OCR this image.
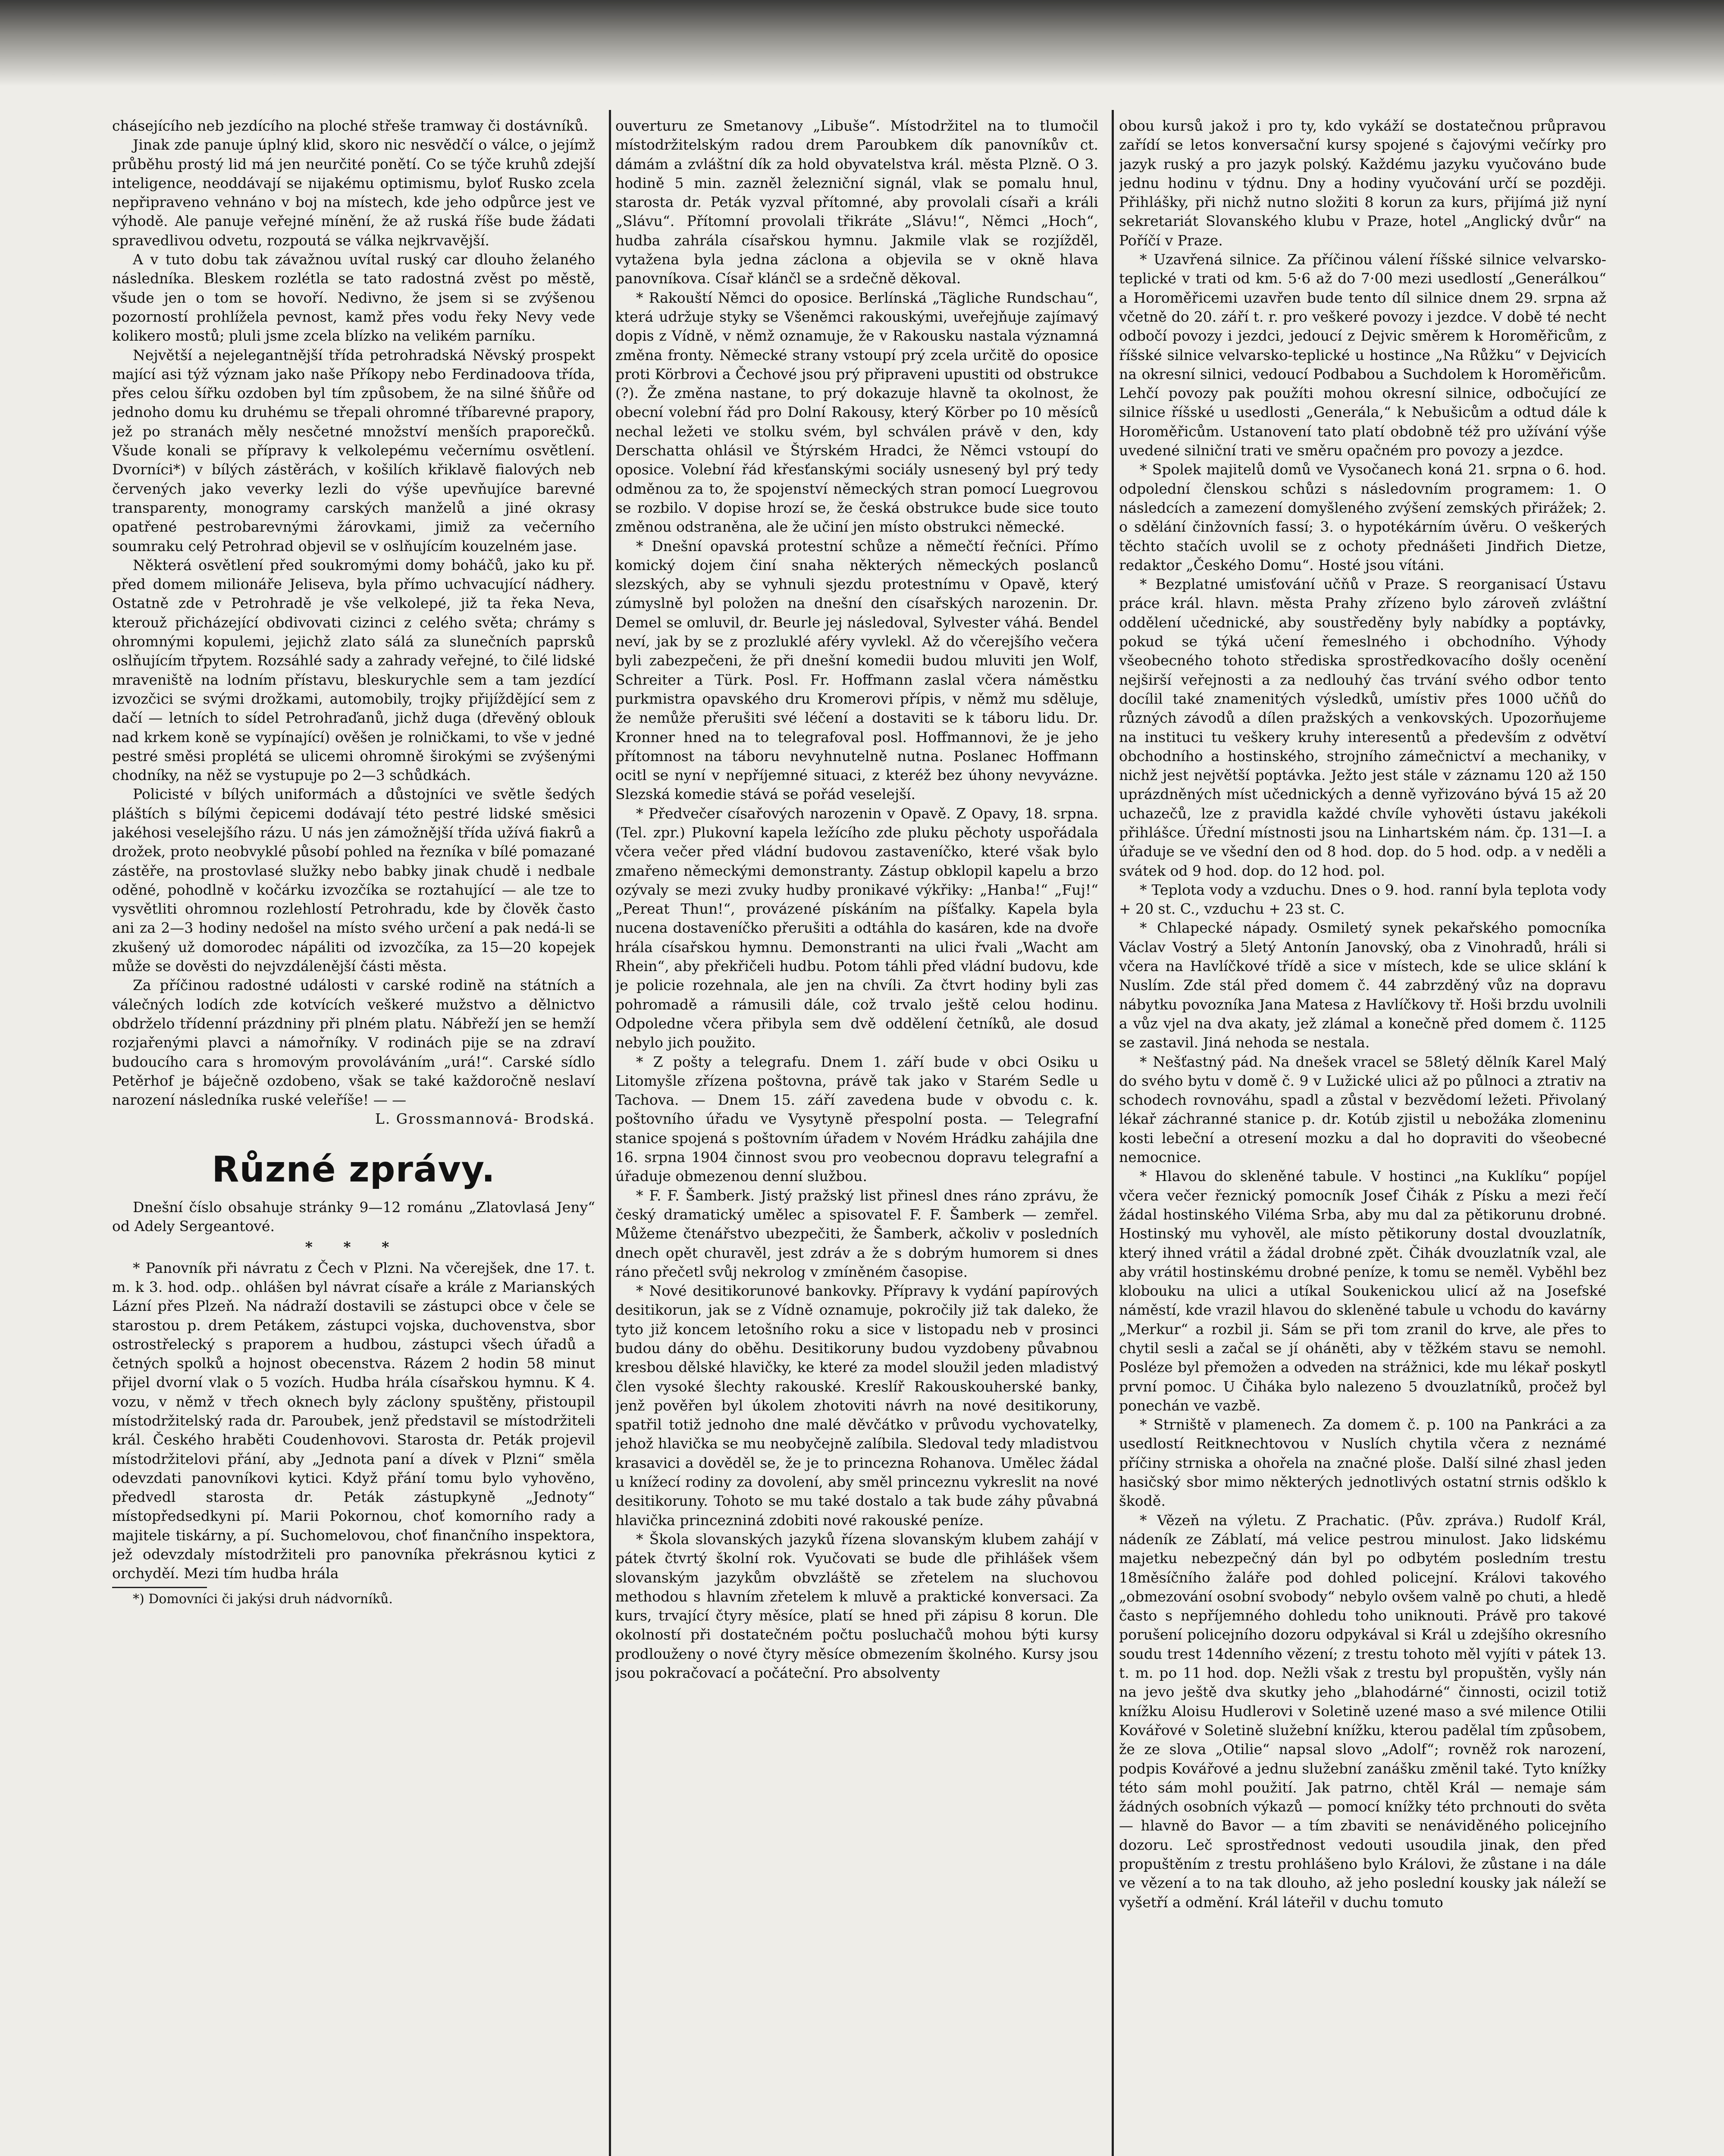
chásejícího neb jezdícího na ploché střeše tramway či dostávníků.

Jinak zde panuje úplný klid, skoro nic nesvědčí o válce, o jejímž průběhu prostý lid má jen neurčité ponětí. Co se týče kruhů zdejší inteligence, neoddávají se nijakému optimismu, byloť Rusko zcela nepřipraveno vehnáno v boj na místech, kde jeho odpůrce jest ve výhodě. Ale panuje veřejné mínění, že až ruská říše bude žádati spravedlivou odvetu, rozpoutá se válka nejkrvavější.

A v tuto dobu tak závažnou uvítal ruský car dlouho želaného následníka. Bleskem rozlétla se tato radostná zvěst po městě, všude jen o tom se hovoří. Nedivno, že jsem si se zvýšenou pozorností prohlížela pevnost, kamž přes vodu řeky Nevy vede kolikero mostů; pluli jsme zcela blízko na velikém parníku.

Největší a nejelegantnější třída petrohradská Něvský prospekt mající asi týž význam jako naše Příkopy nebo Ferdinadoova třída, přes celou šířku ozdoben byl tím způsobem, že na silné šňůře od jednoho domu ku druhému se třepali ohromné tříbarevné prapory, jež po stranách měly nesčetné množství menších praporečků. Všude konali se přípravy k velkolepému večernímu osvětlení. Dvorníci*) v bílých zástěrách, v košilích křiklavě fialových neb červených jako veverky lezli do výše upevňujíce barevné transparenty, monogramy carských manželů a jiné okrasy opatřené pestrobarevnými žárovkami, jimiž za večerního soumraku celý Petrohrad objevil se v oslňujícím kouzelném jase.

Některá osvětlení před soukromými domy boháčů, jako ku př. před domem milionáře Jeliseva, byla přímo uchvacující nádhery. Ostatně zde v Petrohradě je vše velkolepé, již ta řeka Neva, kterouž přicházející obdivovati cizinci z celého světa; chrámy s ohromnými kopulemi, jejichž zlato sálá za slunečních paprsků oslňujícím třpytem. Rozsáhlé sady a zahrady veřejné, to čilé lidské mraveniště na lodním přístavu, bleskurychle sem a tam jezdící izvozčici se svými drožkami, automobily, trojky přijíždějící sem z dačí — letních to sídel Petrohraďanů, jichž duga (dřevěný oblouk nad krkem koně se vypínající) ověšen je rolničkami, to vše v jedné pestré směsi proplétá se ulicemi ohromně širokými se zvýšenými chodníky, na něž se vystupuje po 2—3 schůdkách.

Policisté v bílých uniformách a důstojníci ve světle šedých pláštích s bílými čepicemi dodávají této pestré lidské směsici jakéhosi veselejšího rázu. U nás jen zámožnější třída užívá fiakrů a drožek, proto neobvyklé působí pohled na řezníka v bílé pomazané zástěře, na prostovlasé služky nebo babky jinak chudě i nedbale oděné, pohodlně v kočárku izvozčíka se roztahující — ale tze to vysvětliti ohromnou rozlehlostí Petrohradu, kde by člověk často ani za 2—3 hodiny nedošel na místo svého určení a pak nedá-li se zkušený už domorodec nápáliti od izvozčíka, za 15—20 kopejek může se dověsti do nejvzdálenější části města.

Za příčinou radostné události v carské rodině na státních a válečných lodích zde kotvících veškeré mužstvo a dělnictvo obdrželo třídenní prázdniny při plném platu. Nábřeží jen se hemží rozjařenými plavci a námořníky. V rodinách pije se na zdraví budoucího cara s hromovým provoláváním „urá!“. Carské sídlo Petěrhof je báječně ozdobeno, však se také každoročně neslaví narození následníka ruské veleříše! — —

L. Grossmannová- Brodská.

Různé zprávy.

Dnešní číslo obsahuje stránky 9—12 románu „Zlatovlasá Jeny“ od Adely Sergeantové.

* * *

* Panovník při návratu z Čech v Plzni. Na včerejšek, dne 17. t. m. k 3. hod. odp.. ohlášen byl návrat císaře a krále z Marianských Lázní přes Plzeň. Na nádraží dostavili se zástupci obce v čele se starostou p. drem Petákem, zástupci vojska, duchovenstva, sbor ostrostřelecký s praporem a hudbou, zástupci všech úřadů a četných spolků a hojnost obecenstva. Rázem 2 hodin 58 minut přijel dvorní vlak o 5 vozích. Hudba hrála císařskou hymnu. K 4. vozu, v němž v třech oknech byly záclony spuštěny, přistoupil místodržitelský rada dr. Paroubek, jenž představil se místodržiteli král. Českého hraběti Coudenhovovi. Starosta dr. Peták projevil místodržitelovi přání, aby „Jednota paní a dívek v Plzni“ směla odevzdati panovníkovi kytici. Když přání tomu bylo vyhověno, předvedl starosta dr. Peták zástupkyně „Jednoty“ místopředsedkyni pí. Marii Pokornou, choť komorního rady a majitele tiskárny, a pí. Suchomelovou, choť finančního inspektora, jež odevzdaly místodržiteli pro panovníka překrásnou kytici z orchyděí. Mezi tím hudba hrála

*) Domovníci či jakýsi druh nádvorníků.

ouverturu ze Smetanovy „Libuše“. Místodržitel na to tlumočil místodržitelským radou drem Paroubkem dík panovníkův ct. dámám a zvláštní dík za hold obyvatelstva král. města Plzně. O 3. hodině 5 min. zazněl železniční signál, vlak se pomalu hnul, starosta dr. Peták vyzval přítomné, aby provolali císaři a králi „Slávu“. Přítomní provolali třikráte „Slávu!“, Němci „Hoch“, hudba zahrála císařskou hymnu. Jakmile vlak se rozjíždě́l, vytažena byla jedna záclona a objevila se v okně hlava panovníkova. Císař klánčl se a srdečně děkoval.

* Rakouští Němci do oposice. Berlínská „Tägliche Rundschau“, která udržuje styky se Všeněmci rakouskými, uveřejňuje zajímavý dopis z Vídně, v němž oznamuje, že v Rakousku nastala významná změna fronty. Německé strany vstoupí prý zcela určitě do oposice proti Körbrovi a Čechové jsou prý připraveni upustiti od obstrukce (?). Že změna nastane, to prý dokazuje hlavně ta okolnost, že obecní volební řád pro Dolní Rakousy, který Körber po 10 měsíců nechal ležeti ve stolku svém, byl schválen právě v den, kdy Derschatta ohlásil ve Štýrském Hradci, že Němci vstoupí do oposice. Volební řád křesťanskými sociály usnesený byl prý tedy odměnou za to, že spojenství německých stran pomocí Luegrovou se rozbilo. V dopise hrozí se, že česká obstrukce bude sice touto změnou odstraněna, ale že učiní jen místo obstrukci německé.

* Dnešní opavská protestní schůze a němečtí řečníci. Přímo komický dojem činí snaha některých německých poslanců slezských, aby se vyhnuli sjezdu protestnímu v Opavě, který zúmyslně byl položen na dnešní den císařských narozenin. Dr. Demel se omluvil, dr. Beurle jej následoval, Sylvester váhá. Bendel neví, jak by se z prozluklé aféry vyvlekl. Až do včerejšího večera byli zabezpečeni, že při dnešní komedii budou mluviti jen Wolf, Schreiter a Türk. Posl. Fr. Hoffmann zaslal včera náměstku purkmistra opavského dru Kromerovi přípis, v němž mu sděluje, že nemůže přerušiti své léčení a dostaviti se k táboru lidu. Dr. Kronner hned na to telegrafoval posl. Hoffmannovi, že je jeho přítomnost na táboru nevyhnutelně nutna. Poslanec Hoffmann ocitl se nyní v nepříjemné situaci, z kteréž bez úhony nevyvázne. Slezská komedie stává se pořád veselejší.

* Předvečer císařových narozenin v Opavě. Z Opavy, 18. srpna. (Tel. zpr.) Plukovní kapela ležícího zde pluku pěchoty uspořádala včera večer před vládní budovou zastaveníčko, které však bylo zmařeno německými demonstranty. Zástup obklopil kapelu a brzo ozývaly se mezi zvuky hudby pronikavé výkřiky: „Hanba!“ „Fuj!“ „Pereat Thun!“, provázené pískáním na píšťalky. Kapela byla nucena dostaveníčko přerušiti a odtáhla do kasáren, kde na dvoře hrála císařskou hymnu. Demonstranti na ulici řvali „Wacht am Rhein“, aby překřičeli hudbu. Potom táhli před vládní budovu, kde je policie rozehnala, ale jen na chvíli. Za čtvrt hodiny byli zas pohromadě a rámusili dále, což trvalo ještě celou hodinu. Odpoledne včera přibyla sem dvě oddělení četníků, ale dosud nebylo jich použito.

* Z pošty a telegrafu. Dnem 1. září bude v obci Osiku u Litomyšle zřízena poštovna, právě tak jako v Starém Sedle u Tachova. — Dnem 15. září zavedena bude v obvodu c. k. poštovního úřadu ve Vysytyně přespolní posta. — Telegrafní stanice spojená s poštovním úřadem v Novém Hrádku zahájila dne 16. srpna 1904 činnost svou pro veobecnou dopravu telegrafní a úřaduje obmezenou denní službou.

* F. F. Šamberk. Jistý pražský list přinesl dnes ráno zprávu, že český dramatický umělec a spisovatel F. F. Šamberk — zemřel. Můžeme čtenářstvo ubezpečiti, že Šamberk, ačkoliv v posledních dnech opět churavěl, jest zdráv a že s dobrým humorem si dnes ráno přečetl svůj nekrolog v zmíněném časopise.

* Nové desitikorunové bankovky. Přípravy k vydání papírových desitikorun, jak se z Vídně oznamuje, pokročily již tak daleko, že tyto již koncem letošního roku a sice v listopadu neb v prosinci budou dány do oběhu. Desitikoruny budou vyzdobeny půvabnou kresbou dělské hlavičky, ke které za model sloužil jeden mladistvý člen vysoké šlechty rakouské. Kreslíř Rakouskouherské banky, jenž pověřen byl úkolem zhotoviti návrh na nové desitikoruny, spatřil totiž jednoho dne malé děvčátko v průvodu vychovatelky, jehož hlavička se mu neobyčejně zalíbila. Sledoval tedy mladistvou krasavici a dověděl se, že je to princezna Rohanova. Umělec žádal u knížecí rodiny za dovolení, aby směl princeznu vykreslit na nové desitikoruny. Tohoto se mu také dostalo a tak bude záhy půvabná hlavička princezniná zdobiti nové rakouské peníze.

* Škola slovanských jazyků řízena slovanským klubem zahájí v pátek čtvrtý školní rok. Vyučovati se bude dle přihlášek všem slovanským jazykům obvzláště se zřetelem na sluchovou methodou s hlavním zřetelem k mluvě a praktické konversaci. Za kurs, trvající čtyry měsíce, platí se hned při zápisu 8 korun. Dle okolností při dostatečném počtu posluchačů mohou býti kursy prodlouženy o nové čtyry měsíce obmezením školného. Kursy jsou jsou pokračovací a počáteční. Pro absolventy

obou kursů jakož i pro ty, kdo vykáží se dostatečnou průpravou zařídí se letos konversační kursy spojené s čajovými večírky pro jazyk ruský a pro jazyk polský. Každému jazyku vyučováno bude jednu hodinu v týdnu. Dny a hodiny vyučování určí se později. Přihlášky, při nichž nutno složiti 8 korun za kurs, přijímá již nyní sekretariát Slovanského klubu v Praze, hotel „Anglický dvůr“ na Poříčí v Praze.

* Uzavřená silnice. Za příčinou válení říšské silnice velvarsko-teplické v trati od km. 5·6 až do 7·00 mezi usedlostí „Generálkou“ a Horoměřicemi uzavřen bude tento díl silnice dnem 29. srpna až včetně do 20. září t. r. pro veškeré povozy i jezdce. V době té necht odbočí povozy i jezdci, jedoucí z Dejvic směrem k Horoměřicům, z říšské silnice velvarsko-teplické u hostince „Na Růžku“ v Dejvicích na okresní silnici, vedoucí Podbabou a Suchdolem k Horoměřicům. Lehčí povozy pak použíti mohou okresní silnice, odbočující ze silnice říšské u usedlosti „Generála,“ k Nebušicům a odtud dále k Horoměřicům. Ustanovení tato platí obdobně též pro užívání výše uvedené silniční trati ve směru opačném pro povozy a jezdce.

* Spolek majitelů domů ve Vysočanech koná 21. srpna o 6. hod. odpolední členskou schůzi s následovním programem: 1. O následcích a zamezení domyšleného zvýšení zemských přirážek; 2. o sdělání činžovních fassí; 3. o hypotékárním úvěru. O veškerých těchto stačích uvolil se z ochoty přednášeti Jindřich Dietze, redaktor „Českého Domu“. Hosté jsou vítáni.

* Bezplatné umisťování učňů v Praze. S reorganisací Ústavu práce král. hlavn. města Prahy zřízeno bylo zároveň zvláštní oddělení učednické, aby soustředěny byly nabídky a poptávky, pokud se týká učení řemeslného i obchodního. Výhody všeobecného tohoto střediska sprostředkovacího došly ocenění nejširší veřejnosti a za nedlouhý čas trvání svého odbor tento docílil také znamenitých výsledků, umístiv přes 1000 učňů do různých závodů a dílen pražských a venkovských. Upozorňujeme na instituci tu veškery kruhy interesentů a především z odvětví obchodního a hostinského, strojního zámečnictví a mechaniky, v nichž jest největší poptávka. Ježto jest stále v záznamu 120 až 150 uprázdněných míst učednických a denně vyřizováno bývá 15 až 20 uchazečů, lze z pravidla každé chvíle vyhověti ústavu jakékoli přihlášce. Úřední místnosti jsou na Linhartském nám. čp. 131—I. a úřaduje se ve všední den od 8 hod. dop. do 5 hod. odp. a v neděli a svátek od 9 hod. dop. do 12 hod. pol.

* Teplota vody a vzduchu. Dnes o 9. hod. ranní byla teplota vody + 20 st. C., vzduchu + 23 st. C.

* Chlapecké nápady. Osmiletý synek pekařského pomocníka Václav Vostrý a 5letý Antonín Janovský, oba z Vinohradů, hráli si včera na Havlíčkové třídě a sice v místech, kde se ulice sklání k Nuslím. Zde stál před domem č. 44 zabrzděný vůz na dopravu nábytku povozníka Jana Matesa z Havlíčkovy tř. Hoši brzdu uvolnili a vůz vjel na dva akaty, jež zlámal a konečně před domem č. 1125 se zastavil. Jiná nehoda se nestala.

* Nešťastný pád. Na dnešek vracel se 58letý dělník Karel Malý do svého bytu v domě č. 9 v Lužické ulici až po půlnoci a ztrativ na schodech rovnováhu, spadl a zůstal v bezvědomí ležeti. Přivolaný lékař záchranné stanice p. dr. Kotúb zjistil u nebožáka zlomeninu kosti lebeční a otresení mozku a dal ho dopraviti do všeobecné nemocnice.

* Hlavou do skleněné tabule. V hostinci „na Kuklíku“ popíjel včera večer řeznický pomocník Josef Čihák z Písku a mezi řečí žádal hostinského Viléma Srba, aby mu dal za pětikorunu drobné. Hostinský mu vyhověl, ale místo pětikoruny dostal dvouzlatník, který ihned vrátil a žádal drobné zpět. Čihák dvouzlatník vzal, ale aby vrátil hostinskému drobné peníze, k tomu se neměl. Vyběhl bez klobouku na ulici a utíkal Soukenickou ulicí až na Josefské náměstí, kde vrazil hlavou do skleněné tabule u vchodu do kavárny „Merkur“ a rozbil ji. Sám se při tom zranil do krve, ale přes to chytil sesli a začal se jí oháněti, aby v těžkém stavu se nemohl. Posléze byl přemožen a odveden na strážnici, kde mu lékař poskytl první pomoc. U Čiháka bylo nalezeno 5 dvouzlatníků, pročež byl ponechán ve vazbě.

* Strniště v plamenech. Za domem č. p. 100 na Pankráci a za usedlostí Reitknechtovou v Nuslích chytila včera z neznámé příčiny strniska a ohořela na značné ploše. Další silné zhasl jeden hasičský sbor mimo některých jednotlivých ostatní strnis odšklo k škodě.

* Vězeň na výletu. Z Prachatic. (Pův. zpráva.) Rudolf Král, nádeník ze Záblatí, má velice pestrou minulost. Jako lidskému majetku nebezpečný dán byl po odbytém posledním trestu 18měsíčního žaláře pod dohled policejní. Královi takového „obmezování osobní svobody“ nebylo ovšem valně po chuti, a hledě často s nepříjemného dohledu toho uniknouti. Právě pro takové porušení policejního dozoru odpykával si Král u zdejšího okresního soudu trest 14denního vězení; z trestu tohoto měl vyjíti v pátek 13. t. m. po 11 hod. dop. Nežli však z trestu byl propuštěn, vyšly nán na jevo ještě dva skutky jeho „blahodárné“ činnosti, ocizil totiž knížku Aloisu Hudlerovi v Soletině uzené maso a své milence Otilii Kovářové v Soletině služební knížku, kterou padělal tím způsobem, že ze slova „Otilie“ napsal slovo „Adolf“; rovněž rok narození, podpis Kovářové a jednu služební zanášku změnil také. Tyto knížky této sám mohl použití. Jak patrno, chtěl Král — nemaje sám žádných osobních výkazů — pomocí knížky této prchnouti do světa — hlavně do Bavor — a tím zbaviti se nenáviděného policejního dozoru. Leč sprostřednost vedouti usoudila jinak, den před propuštěním z trestu prohlášeno bylo Královi, že zůstane i na dále ve vězení a to na tak dlouho, až jeho poslední kousky jak náleží se vyšetří a odmění. Král láteřil v duchu tomuto
